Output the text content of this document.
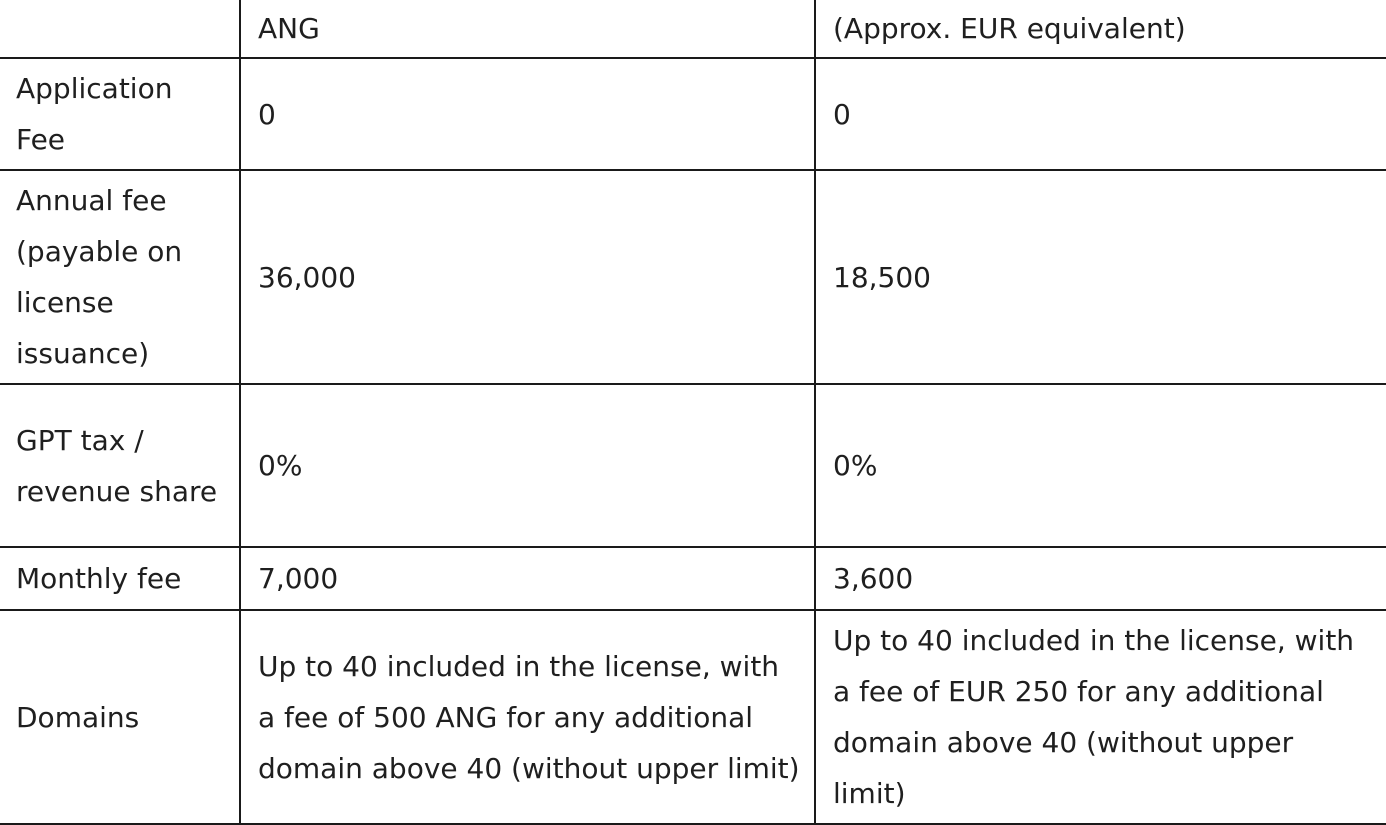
	ANG	(Approx. EUR equivalent)
Application Fee	0	0
Annual fee (payable on license issuance)	36,000	18,500
GPT tax / revenue share	0%	0%
Monthly fee	7,000	3,600
Domains	Up to 40 included in the license, with a fee of 500 ANG for any additional domain above 40 (without upper limit)	Up to 40 included in the license, with a fee of EUR 250 for any additional domain above 40 (without upper limit)
